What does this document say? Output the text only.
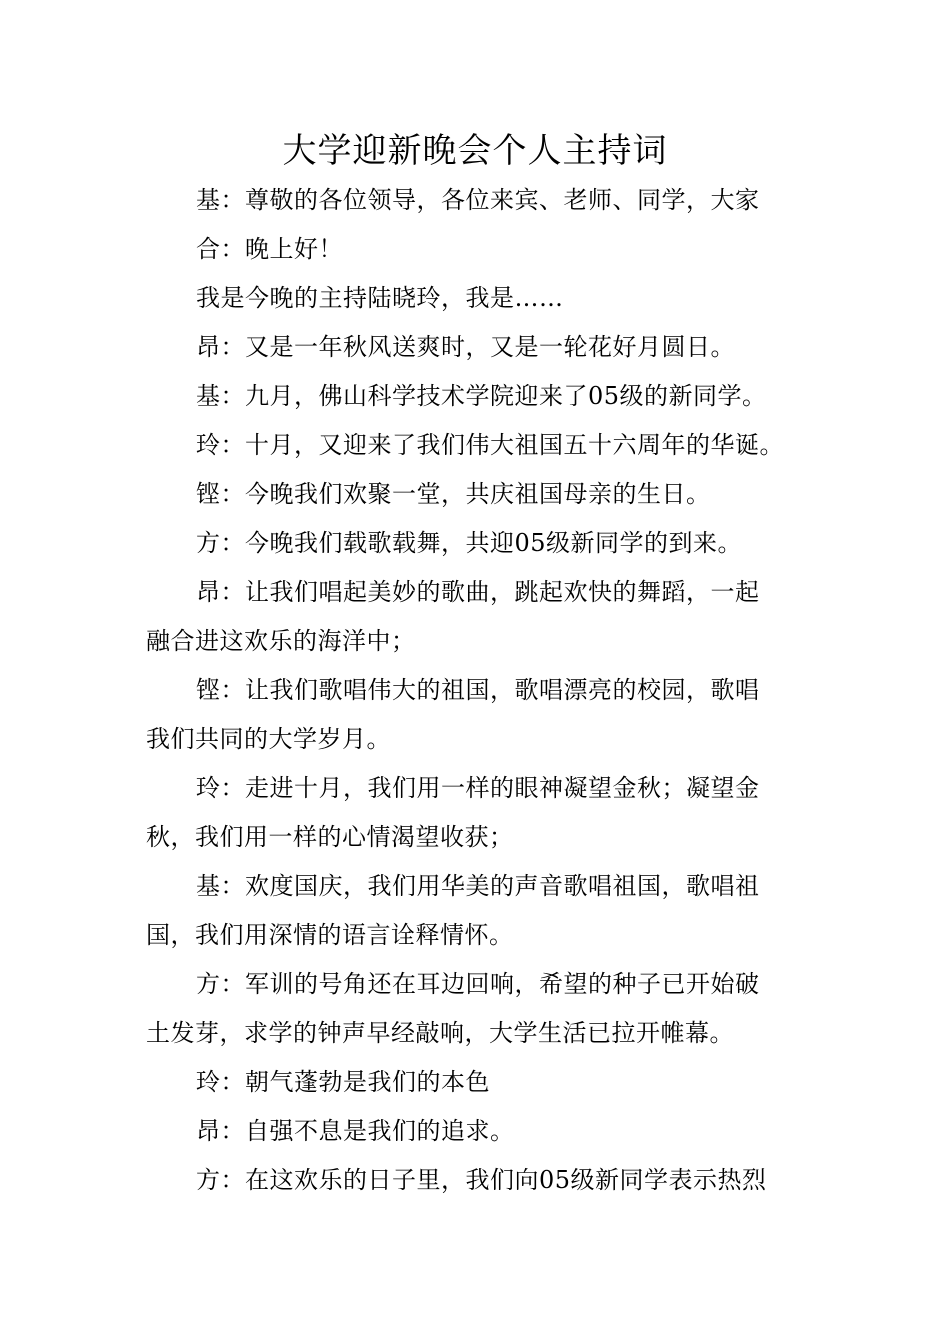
大学迎新晚会个人主持词

基：尊敬的各位领导，各位来宾、老师、同学，大家

合：晚上好！

我是今晚的主持陆晓玲，我是……

昂：又是一年秋风送爽时，又是一轮花好月圆日。

基：九月，佛山科学技术学院迎来了05级的新同学。

玲：十月，又迎来了我们伟大祖国五十六周年的华诞。

铿：今晚我们欢聚一堂，共庆祖国母亲的生日。

方：今晚我们载歌载舞，共迎05级新同学的到来。

昂：让我们唱起美妙的歌曲，跳起欢快的舞蹈，一起
融合进这欢乐的海洋中；

铿：让我们歌唱伟大的祖国，歌唱漂亮的校园，歌唱
我们共同的大学岁月。

玲：走进十月，我们用一样的眼神凝望金秋；凝望金
秋，我们用一样的心情渴望收获；

基：欢度国庆，我们用华美的声音歌唱祖国，歌唱祖
国，我们用深情的语言诠释情怀。

方：军训的号角还在耳边回响，希望的种子已开始破
土发芽，求学的钟声早经敲响，大学生活已拉开帷幕。

玲：朝气蓬勃是我们的本色

昂：自强不息是我们的追求。

方：在这欢乐的日子里，我们向05级新同学表示热烈
